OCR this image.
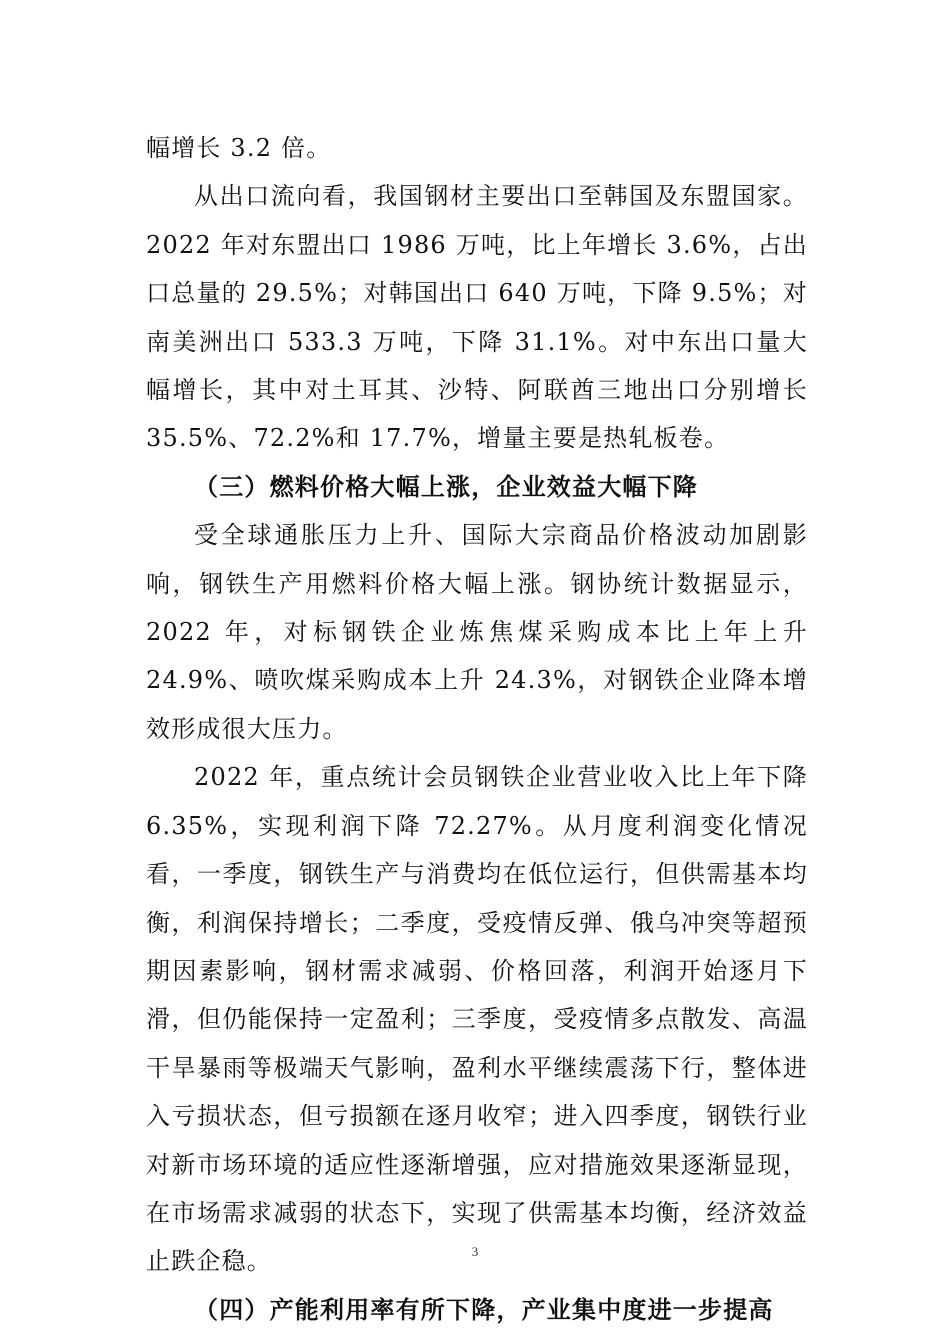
幅增长 3.2 倍。

从出口流向看，我国钢材主要出口至韩国及东盟国家。2022 年对东盟出口 1986 万吨，比上年增长 3.6%，占出口总量的 29.5%；对韩国出口 640 万吨，下降 9.5%；对南美洲出口 533.3 万吨，下降 31.1%。对中东出口量大幅增长，其中对土耳其、沙特、阿联酋三地出口分别增长 35.5%、72.2%和 17.7%，增量主要是热轧板卷。

（三）燃料价格大幅上涨，企业效益大幅下降

受全球通胀压力上升、国际大宗商品价格波动加剧影响，钢铁生产用燃料价格大幅上涨。钢协统计数据显示，2022 年，对标钢铁企业炼焦煤采购成本比上年上升 24.9%、喷吹煤采购成本上升 24.3%，对钢铁企业降本增效形成很大压力。

2022 年，重点统计会员钢铁企业营业收入比上年下降 6.35%，实现利润下降 72.27%。从月度利润变化情况看，一季度，钢铁生产与消费均在低位运行，但供需基本均衡，利润保持增长；二季度，受疫情反弹、俄乌冲突等超预期因素影响，钢材需求减弱、价格回落，利润开始逐月下滑，但仍能保持一定盈利；三季度，受疫情多点散发、高温干旱暴雨等极端天气影响，盈利水平继续震荡下行，整体进入亏损状态，但亏损额在逐月收窄；进入四季度，钢铁行业对新市场环境的适应性逐渐增强，应对措施效果逐渐显现，在市场需求减弱的状态下，实现了供需基本均衡，经济效益止跌企稳。

（四）产能利用率有所下降，产业集中度进一步提高

3
